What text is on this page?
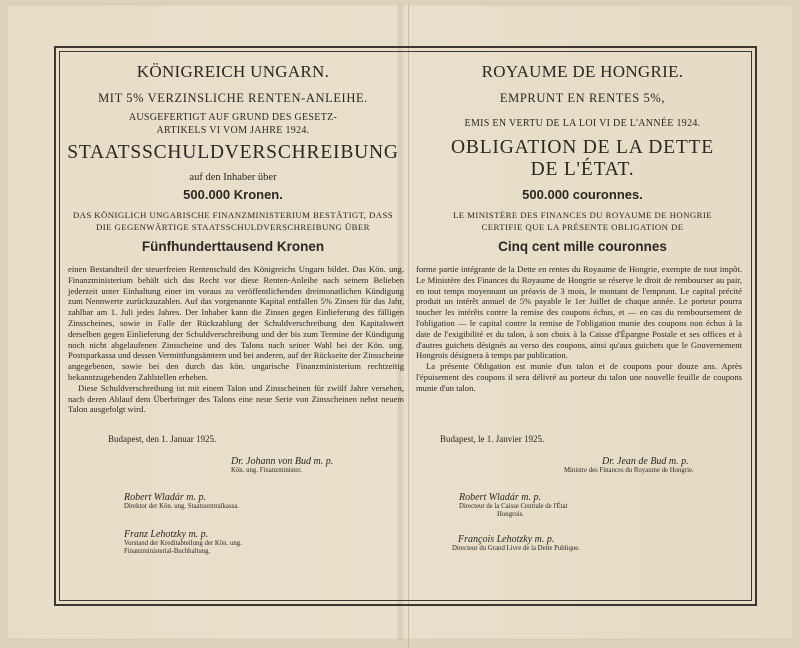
KÖNIGREICH UNGARN.
MIT 5% VERZINSLICHE RENTEN-ANLEIHE.
AUSGEFERTIGT AUF GRUND DES GESETZ-
ARTIKELS VI VOM JAHRE 1924.
STAATSSCHULDVERSCHREIBUNG
auf den Inhaber über
500.000 Kronen.
DAS KÖNIGLICH UNGARISCHE FINANZMINISTERIUM BESTÄTIGT, DASS
DIE GEGENWÄRTIGE STAATSSCHULDVERSCHREIBUNG ÜBER
Fünfhunderttausend Kronen

einen Bestandteil der steuerfreien Rentenschuld des Königreichs Ungarn bildet. Das Kön. ung. Finanzministerium behält sich das Recht vor diese Renten-Anleihe nach seinem Belieben jederzeit unter Einhaltung einer im voraus zu veröffentlichenden dreimonatlichen Kündigung zum Nennwerte zurückzuzahlen. Auf das vorgenannte Kapital entfallen 5% Zinsen für das Jahr, zahlbar am 1. Juli jedes Jahres. Der Inhaber kann die Zinsen gegen Einlieferung des fälligen Zinsscheines, sowie in Falle der Rückzahlung der Schuldverschreibung den Kapitalswert derselben gegen Einlieferung der Schuldverschreibung und der bis zum Termine der Kündigung noch nicht abgelaufenen Zinsscheine und des Talons nach seiner Wahl bei der Kön. ung. Postsparkassa und dessen Vermittlungsämtern und bei anderen, auf der Rückseite der Zinsscheine angegebenen, sowie bei den durch das kön. ungarische Finanzministerium rechtzeitig bekanntzugebenden Zahlstellen erheben.

Diese Schuldverschreibung ist mit einem Talon und Zinsscheinen für zwölf Jahre versehen, nach deren Ablauf dem Überbringer des Talons eine neue Serie von Zinsscheinen nebst neuem Talon ausgefolgt wird.

Budapest, den 1. Januar 1925.
Dr. Johann von Bud m. p.
Kön. ung. Finanzminister.
Robert Wladár m. p.
Direktor der Kön. ung. Staatszentralkassa.
Franz Lehotzky m. p.
Vorstand der Kreditabteilung der Kön. ung.
Finanzministerial-Buchhaltung.
ROYAUME DE HONGRIE.
EMPRUNT EN RENTES 5%,
EMIS EN VERTU DE LA LOI VI DE L'ANNÉE 1924.
OBLIGATION DE LA DETTE
DE L'ÉTAT.
500.000 couronnes.
LE MINISTÈRE DES FINANCES DU ROYAUME DE HONGRIE
CERTIFIE QUE LA PRÉSENTE OBLIGATION DE
Cinq cent mille couronnes

forme partie intégrante de la Dette en rentes du Royaume de Hongrie, exempte de tout impôt. Le Ministère des Finances du Royaume de Hongrie se réserve le droit de rembourser au pair, en tout temps moyennant un préavis de 3 mois, le montant de l'emprunt. Le capital précité produit un intérêt annuel de 5% payable le 1er Juillet de chaque année. Le porteur pourra toucher les intérêts contre la remise des coupons échus, et — en cas du remboursement de l'obligation — le capital contre la remise de l'obligation munie des coupons non échus à la date de l'exigibilité et du talon, à son choix à la Caisse d'Épargne Postale et ses offices et à d'autres guichets désignés au verso des coupons, ainsi qu'aux guichets que le Gouvernement Hongrois désignera à temps par publication.

La présente Obligation est munie d'un talon et de coupons pour douze ans. Après l'épuisement des coupons il sera délivré au porteur du talon une nouvelle feuille de coupons munie d'un talon.

Budapest, le 1. Janvier 1925.
Dr. Jean de Bud m. p.
Ministre des Finances du Royaume de Hongrie.
Robert Wladár m. p.
Directeur de la Caisse Centrale de l'État
Hongrois.
François Lehotzky m. p.
Directeur du Grand Livre de la Dette Publique.
